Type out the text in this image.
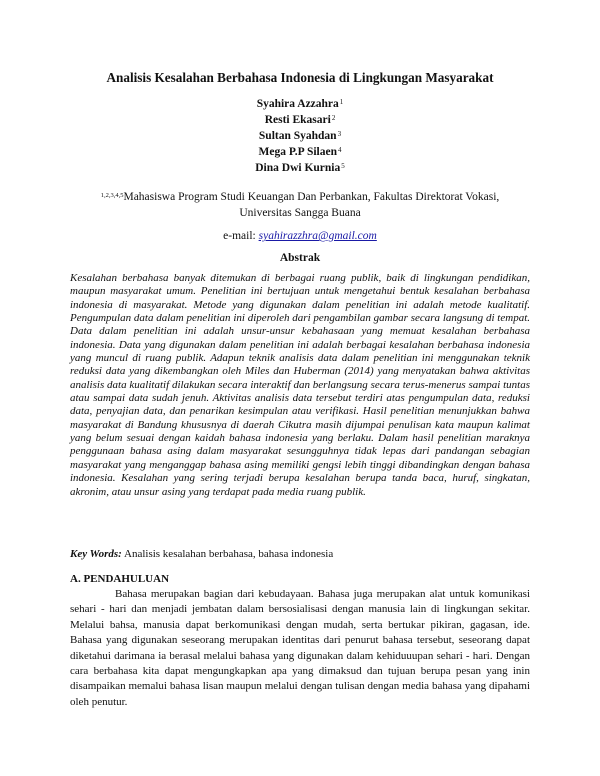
Analisis Kesalahan Berbahasa Indonesia di Lingkungan Masyarakat
Syahira Azzahra$^1$
Resti Ekasari$^2$
Sultan Syahdan$^3$
Mega P.P Silaen$^4$
Dina Dwi Kurnia$^5$
$^{1,2,3,4,5}$Mahasiswa Program Studi Keuangan Dan Perbankan, Fakultas Direktorat Vokasi,
Universitas Sangga Buana
e-mail: syahirazzhra@gmail.com
Abstrak
Kesalahan berbahasa banyak ditemukan di berbagai ruang publik, baik di lingkungan pendidikan, maupun masyarakat umum. Penelitian ini bertujuan untuk mengetahui bentuk kesalahan berbahasa indonesia di masyarakat. Metode yang digunakan dalam penelitian ini adalah metode kualitatif. Pengumpulan data dalam penelitian ini diperoleh dari pengambilan gambar secara langsung di tempat. Data dalam penelitian ini adalah unsur-unsur kebahasaan yang memuat kesalahan berbahasa indonesia. Data yang digunakan dalam penelitian ini adalah berbagai kesalahan berbahasa indonesia yang muncul di ruang publik. Adapun teknik analisis data dalam penelitian ini menggunakan teknik reduksi data yang dikembangkan oleh Miles dan Huberman (2014) yang menyatakan bahwa aktivitas analisis data kualitatif dilakukan secara interaktif dan berlangsung secara terus-menerus sampai tuntas atau sampai data sudah jenuh. Aktivitas analisis data tersebut terdiri atas pengumpulan data, reduksi data, penyajian data, dan penarikan kesimpulan atau verifikasi. Hasil penelitian menunjukkan bahwa masyarakat di Bandung khususnya di daerah Cikutra masih dijumpai penulisan kata maupun kalimat yang belum sesuai dengan kaidah bahasa indonesia yang berlaku. Dalam hasil penelitian maraknya penggunaan bahasa asing dalam masyarakat sesungguhnya tidak lepas dari pandangan sebagian masyarakat yang menganggap bahasa asing memiliki gengsi lebih tinggi dibandingkan dengan bahasa indonesia. Kesalahan yang sering terjadi berupa kesalahan berupa tanda baca, huruf, singkatan, akronim, atau unsur asing yang terdapat pada media ruang publik.
Key Words: Analisis kesalahan berbahasa, bahasa indonesia
A. PENDAHULUAN
Bahasa merupakan bagian dari kebudayaan. Bahasa juga merupakan alat untuk komunikasi sehari - hari dan menjadi jembatan dalam bersosialisasi dengan manusia lain di lingkungan sekitar. Melalui bahsa, manusia dapat berkomunikasi dengan mudah, serta bertukar pikiran, gagasan, ide. Bahasa yang digunakan seseorang merupakan identitas dari penurut bahasa tersebut, seseorang dapat diketahui darimana ia berasal melalui bahasa yang digunakan dalam kehiduuupan sehari - hari. Dengan cara berbahasa kita dapat mengungkapkan apa yang dimaksud dan tujuan berupa pesan yang inin disampaikan memalui bahasa lisan maupun melalui dengan tulisan dengan media bahasa yang dipahami oleh penutur.
